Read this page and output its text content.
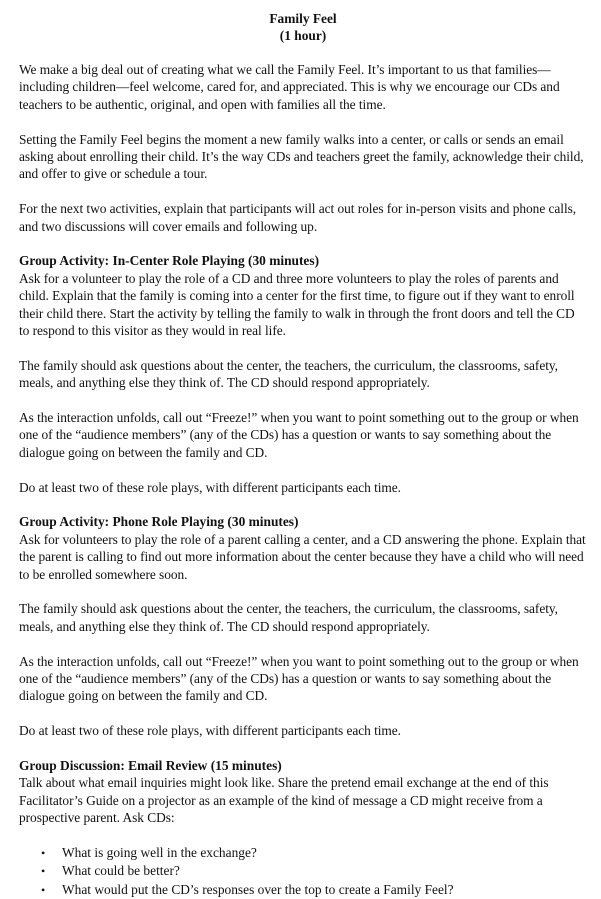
Family Feel
(1 hour)

We make a big deal out of creating what we call the Family Feel. It’s important to us that families—including children—feel welcome, cared for, and appreciated. This is why we encourage our CDs and teachers to be authentic, original, and open with families all the time.

Setting the Family Feel begins the moment a new family walks into a center, or calls or sends an email asking about enrolling their child. It’s the way CDs and teachers greet the family, acknowledge their child, and offer to give or schedule a tour.

For the next two activities, explain that participants will act out roles for in-person visits and phone calls, and two discussions will cover emails and following up.

Group Activity: In-Center Role Playing (30 minutes)

Ask for a volunteer to play the role of a CD and three more volunteers to play the roles of parents and child. Explain that the family is coming into a center for the first time, to figure out if they want to enroll their child there. Start the activity by telling the family to walk in through the front doors and tell the CD to respond to this visitor as they would in real life.

The family should ask questions about the center, the teachers, the curriculum, the classrooms, safety, meals, and anything else they think of. The CD should respond appropriately.

As the interaction unfolds, call out “Freeze!” when you want to point something out to the group or when one of the “audience members” (any of the CDs) has a question or wants to say something about the dialogue going on between the family and CD.

Do at least two of these role plays, with different participants each time.

Group Activity: Phone Role Playing (30 minutes)

Ask for volunteers to play the role of a parent calling a center, and a CD answering the phone. Explain that the parent is calling to find out more information about the center because they have a child who will need to be enrolled somewhere soon.

The family should ask questions about the center, the teachers, the curriculum, the classrooms, safety, meals, and anything else they think of. The CD should respond appropriately.

As the interaction unfolds, call out “Freeze!” when you want to point something out to the group or when one of the “audience members” (any of the CDs) has a question or wants to say something about the dialogue going on between the family and CD.

Do at least two of these role plays, with different participants each time.

Group Discussion: Email Review (15 minutes)

Talk about what email inquiries might look like. Share the pretend email exchange at the end of this Facilitator’s Guide on a projector as an example of the kind of message a CD might receive from a prospective parent. Ask CDs:

• What is going well in the exchange?
• What could be better?
• What would put the CD’s responses over the top to create a Family Feel?
